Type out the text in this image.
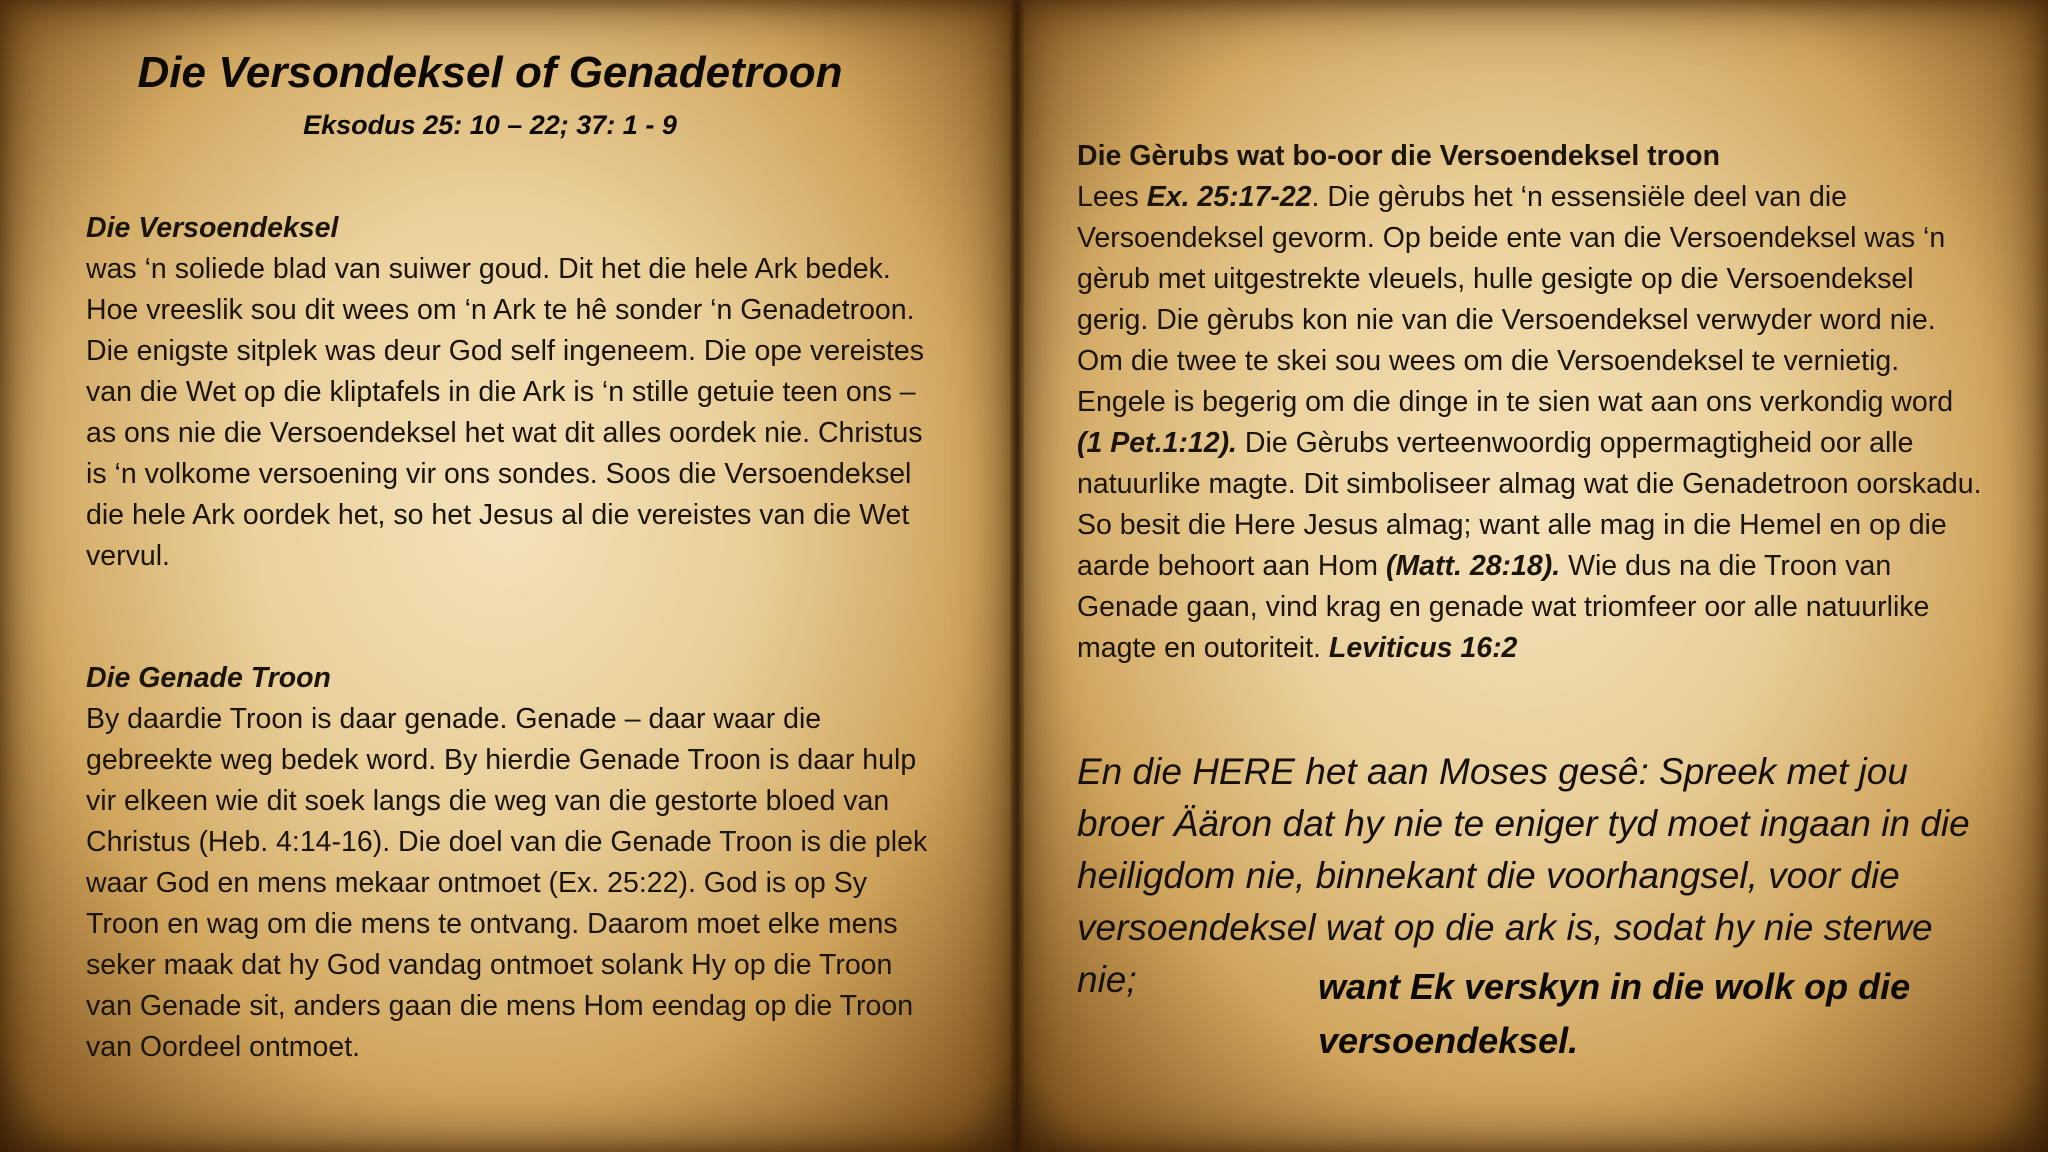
Die Versondeksel of Genadetroon
Eksodus 25: 10 – 22; 37: 1 - 9
Die Versoendeksel
was ‘n soliede blad van suiwer goud. Dit het die hele Ark bedek. Hoe vreeslik sou dit wees om ‘n Ark te hê sonder ‘n Genadetroon. Die enigste sitplek was deur God self ingeneem. Die ope vereistes van die Wet op die kliptafels in die Ark is ‘n stille getuie teen ons – as ons nie die Versoendeksel het wat dit alles oordek nie. Christus is ‘n volkome versoening vir ons sondes. Soos die Versoendeksel die hele Ark oordek het, so het Jesus al die vereistes van die Wet vervul.
Die Genade Troon
By daardie Troon is daar genade. Genade – daar waar die gebreekte weg bedek word. By hierdie Genade Troon is daar hulp vir elkeen wie dit soek langs die weg van die gestorte bloed van Christus (Heb. 4:14-16). Die doel van die Genade Troon is die plek waar God en mens mekaar ontmoet (Ex. 25:22). God is op Sy Troon en wag om die mens te ontvang. Daarom moet elke mens seker maak dat hy God vandag ontmoet solank Hy op die Troon van Genade sit, anders gaan die mens Hom eendag op die Troon van Oordeel ontmoet.
Die Gèrubs wat bo-oor die Versoendeksel troon
Lees Ex. 25:17-22. Die gèrubs het ‘n essensiële deel van die Versoendeksel gevorm. Op beide ente van die Versoendeksel was ‘n gèrub met uitgestrekte vleuels, hulle gesigte op die Versoendeksel gerig. Die gèrubs kon nie van die Versoendeksel verwyder word nie. Om die twee te skei sou wees om die Versoendeksel te vernietig. Engele is begerig om die dinge in te sien wat aan ons verkondig word (1 Pet.1:12). Die Gèrubs verteenwoordig oppermagtigheid oor alle natuurlike magte. Dit simboliseer almag wat die Genadetroon oorskadu. So besit die Here Jesus almag; want alle mag in die Hemel en op die aarde behoort aan Hom (Matt. 28:18). Wie dus na die Troon van Genade gaan, vind krag en genade wat triomfeer oor alle natuurlike magte en outoriteit. Leviticus 16:2
En die HERE het aan Moses gesê: Spreek met jou broer Ääron dat hy nie te eniger tyd moet ingaan in die heiligdom nie, binnekant die voorhangsel, voor die versoendeksel wat op die ark is, sodat hy nie sterwe nie;	want Ek verskyn in die wolk op die versoendeksel.
